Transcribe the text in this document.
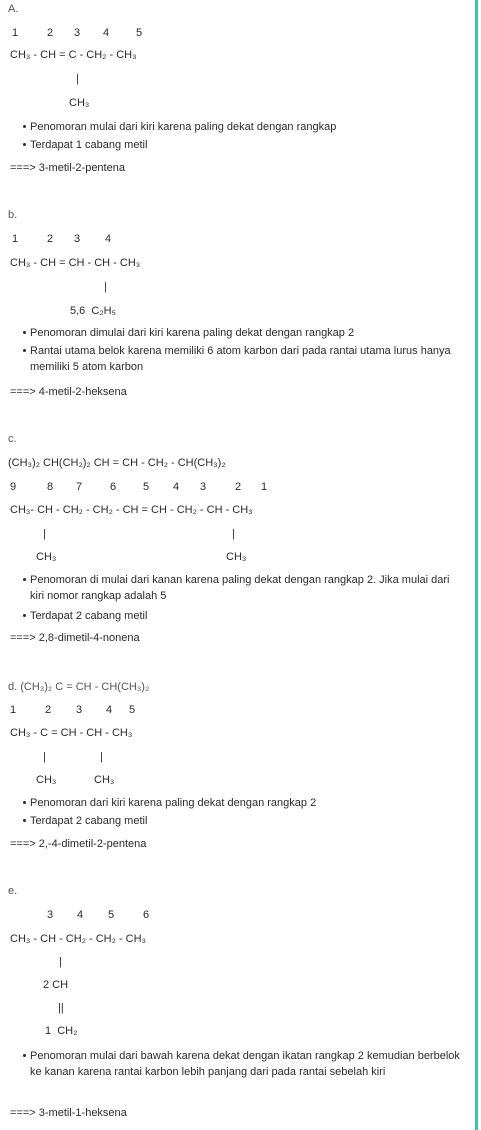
A.
1	2 3 4 5
CH₃ - CH = C - CH₂ - CH₃
|
CH₃
Penomoran mulai dari kiri karena paling dekat dengan rangkap
Terdapat 1 cabang metil
===> 3-metil-2-pentena
b.
1	2 3 4
CH₃ - CH = CH - CH - CH₃
|
5,6  C₂H₅
Penomoran dimulai dari kiri karena paling dekat dengan rangkap 2
Rantai utama belok karena memiliki 6 atom karbon dari pada rantai utama lurus hanya memiliki 5 atom karbon
===> 4-metil-2-heksena
c.
(CH₃)₂ CH(CH₂)₂ CH = CH - CH₂ - CH(CH₃)₂
9	8 7	6 5 4 3	2 1
CH₃- CH - CH₂ - CH₂ - CH = CH - CH₂ - CH - CH₃
|	|
CH₃	CH₃
Penomoran di mulai dari kanan karena paling dekat dengan rangkap 2. Jika mulai dari kiri nomor rangkap adalah 5
Terdapat 2 cabang metil
===> 2,8-dimetil-4-nonena
d. (CH₃)₂ C = CH - CH(CH₃)₂
1	2 3 4 5
CH₃ - C = CH - CH - CH₃
|	|
CH₃	CH₃
Penomoran dari kiri karena paling dekat dengan rangkap 2
Terdapat 2 cabang metil
===> 2,-4-dimetil-2-pentena
e.
3 4 5	6
CH₃ - CH - CH₂ - CH₂ - CH₃
|
2 CH
||
1  CH₂
Penomoran mulai dari bawah karena dekat dengan ikatan rangkap 2 kemudian berbelok ke kanan karena rantai karbon lebih panjang dari pada rantai sebelah kiri
===> 3-metil-1-heksena
